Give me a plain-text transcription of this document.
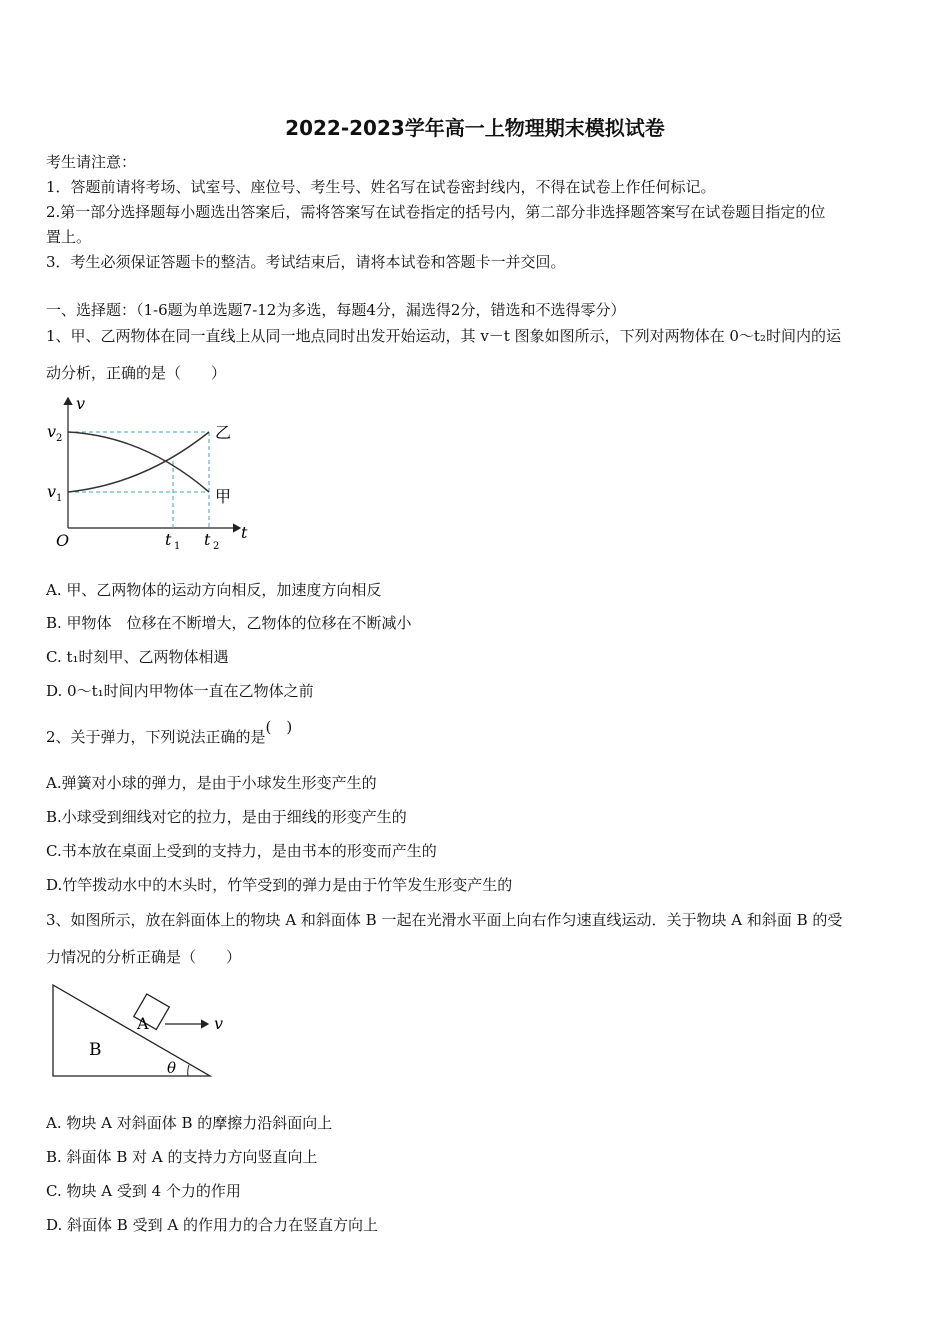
2022-2023学年高一上物理期末模拟试卷
考生请注意：
1．答题前请将考场、试室号、座位号、考生号、姓名写在试卷密封线内，不得在试卷上作任何标记。
2.第一部分选择题每小题选出答案后，需将答案写在试卷指定的括号内，第二部分非选择题答案写在试卷题目指定的位
置上。
3．考生必须保证答题卡的整洁。考试结束后，请将本试卷和答题卡一并交回。
一、选择题：（1-6题为单选题7-12为多选，每题4分，漏选得2分，错选和不选得零分）
1、甲、乙两物体在同一直线上从同一地点同时出发开始运动，其 v－t 图象如图所示，下列对两物体在 0～t₂时间内的运
动分析，正确的是（　　）
v
t
O
v 2
v 1
t 1 t 2
乙
甲
A. 甲、乙两物体的运动方向相反，加速度方向相反
B. 甲物体　位移在不断增大，乙物体的位移在不断减小
C. t₁时刻甲、乙两物体相遇
D. 0～t₁时间内甲物体一直在乙物体之前
2、关于弹力，下列说法正确的是(　)
A.弹簧对小球的弹力，是由于小球发生形变产生的
B.小球受到细线对它的拉力，是由于细线的形变产生的
C.书本放在桌面上受到的支持力，是由书本的形变而产生的
D.竹竿拨动水中的木头时，竹竿受到的弹力是由于竹竿发生形变产生的
3、如图所示，放在斜面体上的物块 A 和斜面体 B 一起在光滑水平面上向右作匀速直线运动．关于物块 A 和斜面 B 的受
力情况的分析正确是（　　）
A	v
B
θ
A. 物块 A 对斜面体 B 的摩擦力沿斜面向上
B. 斜面体 B 对 A 的支持力方向竖直向上
C. 物块 A 受到 4 个力的作用
D. 斜面体 B 受到 A 的作用力的合力在竖直方向上
